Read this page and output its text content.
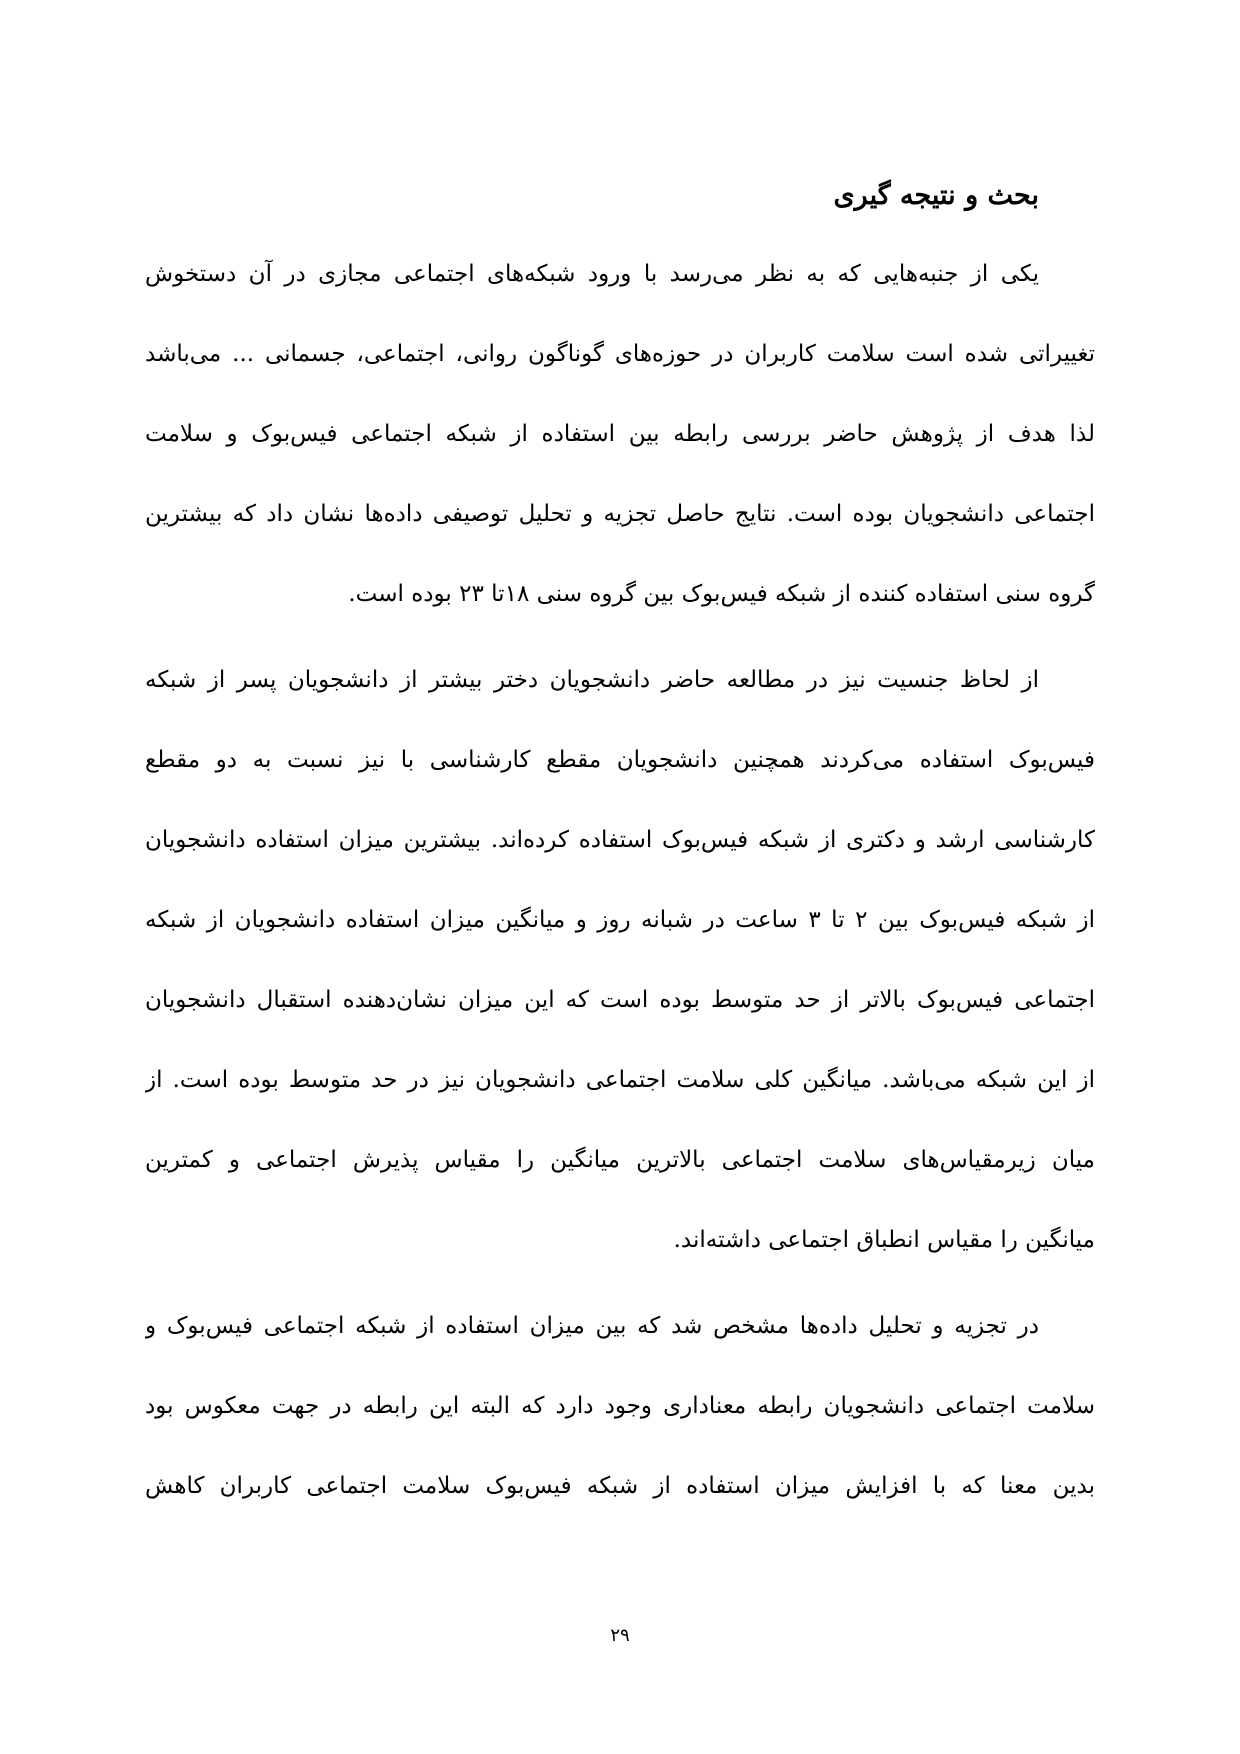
بحث و نتیجه گیری
یکی از جنبه‌هایی که به نظر می‌رسد با ورود شبکه‌های اجتماعی مجازی در آن دستخوش
تغییراتی شده است سلامت کاربران در حوزه‌های گوناگون روانی، اجتماعی، جسمانی ... می‌باشد
لذا هدف از پژوهش حاضر بررسی رابطه بین استفاده از شبکه اجتماعی فیس‌بوک و سلامت
اجتماعی دانشجویان بوده است. نتایج حاصل تجزیه و تحلیل توصیفی داده‌ها نشان داد که بیشترین
گروه سنی استفاده کننده از شبکه فیس‌بوک بین گروه سنی ۱۸تا ۲۳ بوده است.
از لحاظ جنسیت نیز در مطالعه حاضر دانشجویان دختر بیشتر از دانشجویان پسر از شبکه
فیس‌بوک استفاده می‌کردند همچنین دانشجویان مقطع کارشناسی با نیز نسبت به دو مقطع
کارشناسی ارشد و دکتری از شبکه فیس‌بوک استفاده کرده‌اند. بیشترین میزان استفاده دانشجویان
از شبکه فیس‌بوک بین ۲ تا ۳ ساعت در شبانه روز و میانگین میزان استفاده دانشجویان از شبکه
اجتماعی فیس‌بوک بالاتر از حد متوسط بوده است که این میزان نشان‌دهنده استقبال دانشجویان
از این شبکه می‌باشد. میانگین کلی سلامت اجتماعی دانشجویان نیز در حد متوسط بوده است. از
میان زیرمقیاس‌های سلامت اجتماعی بالاترین میانگین را مقیاس پذیرش اجتماعی و کمترین
میانگین را مقیاس انطباق اجتماعی داشته‌اند.
در تجزیه و تحلیل داده‌ها مشخص شد که بین میزان استفاده از شبکه اجتماعی فیس‌بوک و
سلامت اجتماعی دانشجویان رابطه معناداری وجود دارد که البته این رابطه در جهت معکوس بود
بدین معنا که با افزایش میزان استفاده از شبکه فیس‌بوک سلامت اجتماعی کاربران کاهش
۲۹
